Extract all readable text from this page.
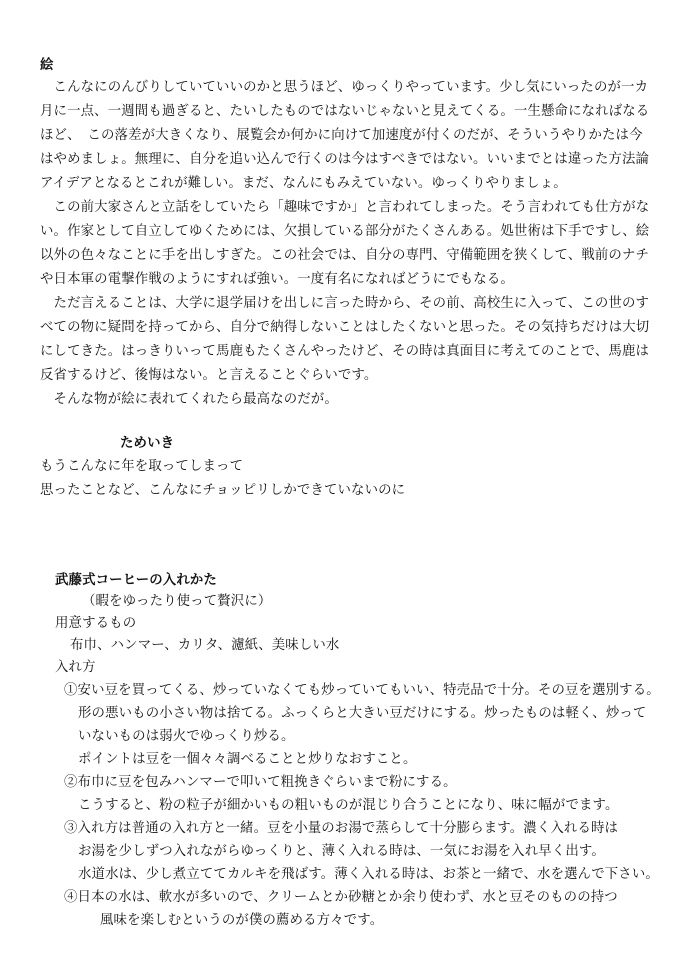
絵
　こんなにのんびりしていていいのかと思うほど、ゆっくりやっています。少し気にいったのが一カ
月に一点、一週間も過ぎると、たいしたものではないじゃないと見えてくる。一生懸命になればなる
ほど、　この落差が大きくなり、展覧会か何かに向けて加速度が付くのだが、そういうやりかたは今
はやめましょ。無理に、自分を追い込んで行くのは今はすべきではない。いいまでとは違った方法論
アイデアとなるとこれが難しい。まだ、なんにもみえていない。ゆっくりやりましょ。
　この前大家さんと立話をしていたら「趣味ですか」と言われてしまった。そう言われても仕方がな
い。作家として自立してゆくためには、欠損している部分がたくさんある。処世術は下手ですし、絵
以外の色々なことに手を出しすぎた。この社会では、自分の専門、守備範囲を狭くして、戦前のナチ
や日本軍の電撃作戦のようにすれば強い。一度有名になればどうにでもなる。
　ただ言えることは、大学に退学届けを出しに言った時から、その前、高校生に入って、この世のす
べての物に疑問を持ってから、自分で納得しないことはしたくないと思った。その気持ちだけは大切
にしてきた。はっきりいって馬鹿もたくさんやったけど、その時は真面目に考えてのことで、馬鹿は
反省するけど、後悔はない。と言えることぐらいです。
　そんな物が絵に表れてくれたら最高なのだが。
ためいき
もうこんなに年を取ってしまって
思ったことなど、こんなにチョッピリしかできていないのに
武藤式コーヒーの入れかた
（暇をゆったり使って贅沢に）
用意するもの
布巾、ハンマー、カリタ、濾紙、美味しい水
入れ方
①安い豆を買ってくる、炒っていなくても炒っていてもいい、特売品で十分。その豆を選別する。
形の悪いもの小さい物は捨てる。ふっくらと大きい豆だけにする。炒ったものは軽く、炒って
いないものは弱火でゆっくり炒る。
ポイントは豆を一個々々調べることと炒りなおすこと。
②布巾に豆を包みハンマーで叩いて粗挽きぐらいまで粉にする。
こうすると、粉の粒子が細かいもの粗いものが混じり合うことになり、味に幅がでます。
③入れ方は普通の入れ方と一緒。豆を小量のお湯で蒸らして十分膨らます。濃く入れる時は
お湯を少しずつ入れながらゆっくりと、薄く入れる時は、一気にお湯を入れ早く出す。
水道水は、少し煮立ててカルキを飛ばす。薄く入れる時は、お茶と一緒で、水を選んで下さい。
④日本の水は、軟水が多いので、クリームとか砂糖とか余り使わず、水と豆そのものの持つ
風味を楽しむというのが僕の薦める方々です。
